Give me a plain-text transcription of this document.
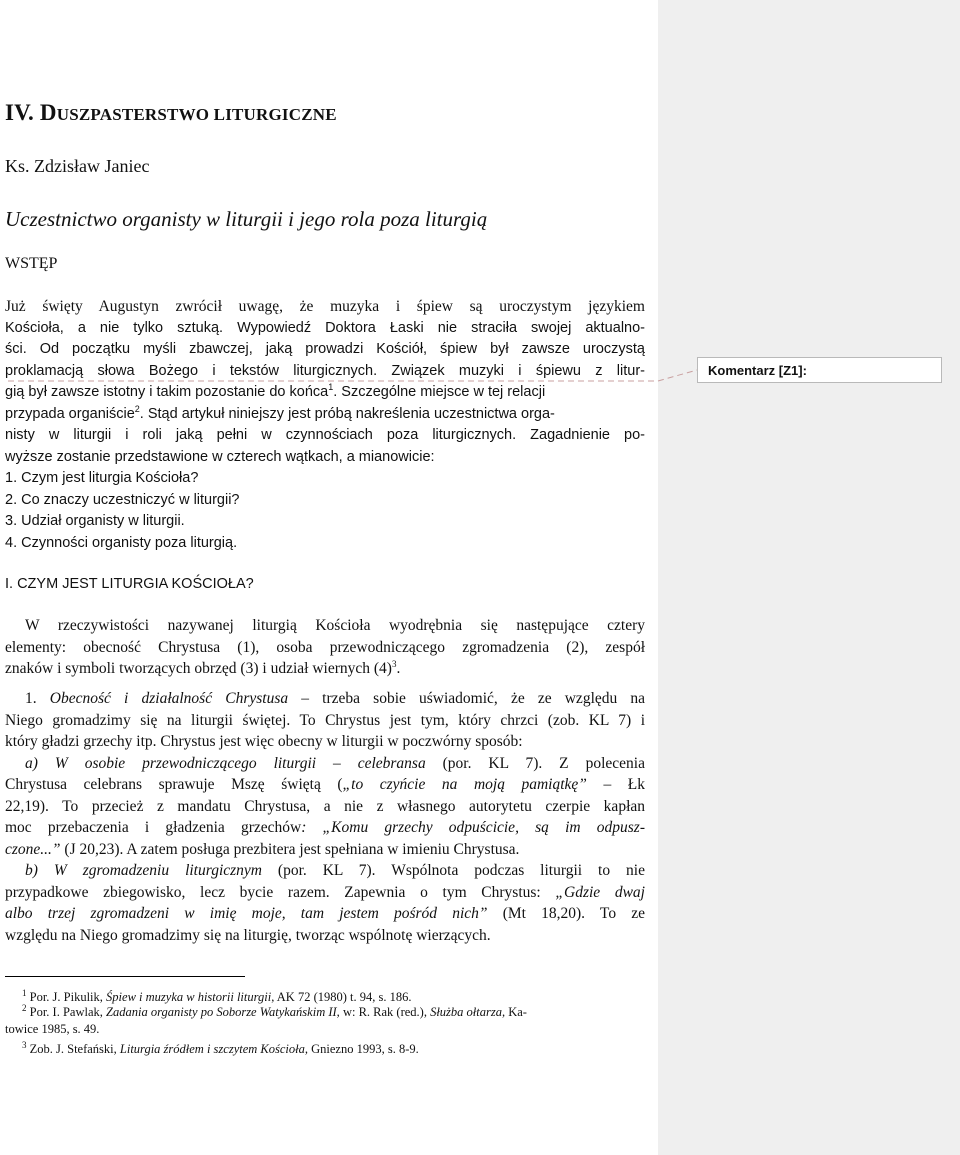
IV. DUSZPASTERSTWO LITURGICZNE
Ks. Zdzisław Janiec
Uczestnictwo organisty w liturgii i jego rola poza liturgią
WSTĘP
Już święty Augustyn zwrócił uwagę, że muzyka i śpiew są uroczystym językiem
Kościoła, a nie tylko sztuką. Wypowiedź Doktora Łaski nie straciła swojej aktualno-
ści. Od początku myśli zbawczej, jaką prowadzi Kościół, śpiew był zawsze uroczystą
proklamacją słowa Bożego i tekstów liturgicznych. Związek muzyki i śpiewu z litur-
gią był zawsze istotny i takim pozostanie do końca$^1$. Szczególne miejsce w tej relacji
przypada organiście$^2$. Stąd artykuł niniejszy jest próbą nakreślenia uczestnictwa orga-
nisty w liturgii i roli jaką pełni w czynnościach poza liturgicznych. Zagadnienie po-
wyższe zostanie przedstawione w czterech wątkach, a mianowicie:
1. Czym jest liturgia Kościoła?
2. Co znaczy uczestniczyć w liturgii?
3. Udział organisty w liturgii.
4. Czynności organisty poza liturgią.
I. CZYM JEST LITURGIA KOŚCIOŁA?
W rzeczywistości nazywanej liturgią Kościoła wyodrębnia się następujące cztery
elementy: obecność Chrystusa (1), osoba przewodniczącego zgromadzenia (2), zespół
znaków i symboli tworzących obrzęd (3) i udział wiernych $(4)^3$.
1. Obecność i działalność Chrystusa – trzeba sobie uświadomić, że ze względu na
Niego gromadzimy się na liturgii świętej. To Chrystus jest tym, który chrzci (zob. KL 7) i
który gładzi grzechy itp. Chrystus jest więc obecny w liturgii w poczwórny sposób:
a) W osobie przewodniczącego liturgii – celebransa (por. KL 7). Z polecenia
Chrystusa celebrans sprawuje Mszę świętą („to czyńcie na moją pamiątkę” – Łk
22,19). To przecież z mandatu Chrystusa, a nie z własnego autorytetu czerpie kapłan
moc przebaczenia i gładzenia grzechów: „Komu grzechy odpuścicie, są im odpusz-
czone...” (J 20,23). A zatem posługa prezbitera jest spełniana w imieniu Chrystusa.
b) W zgromadzeniu liturgicznym (por. KL 7). Wspólnota podczas liturgii to nie
przypadkowe zbiegowisko, lecz bycie razem. Zapewnia o tym Chrystus: „Gdzie dwaj
albo trzej zgromadzeni w imię moje, tam jestem pośród nich” (Mt 18,20). To ze
względu na Niego gromadzimy się na liturgię, tworząc wspólnotę wierzących.
$^1$ Por. J. Pikulik, Śpiew i muzyka w historii liturgii, AK 72 (1980) t. 94, s. 186.
$^2$ Por. I. Pawlak, Zadania organisty po Soborze Watykańskim II, w: R. Rak (red.), Służba ołtarza, Ka-
towice 1985, s. 49.
$^3$ Zob. J. Stefański, Liturgia źródłem i szczytem Kościoła, Gniezno 1993, s. 8-9.
Komentarz [Z1]:
